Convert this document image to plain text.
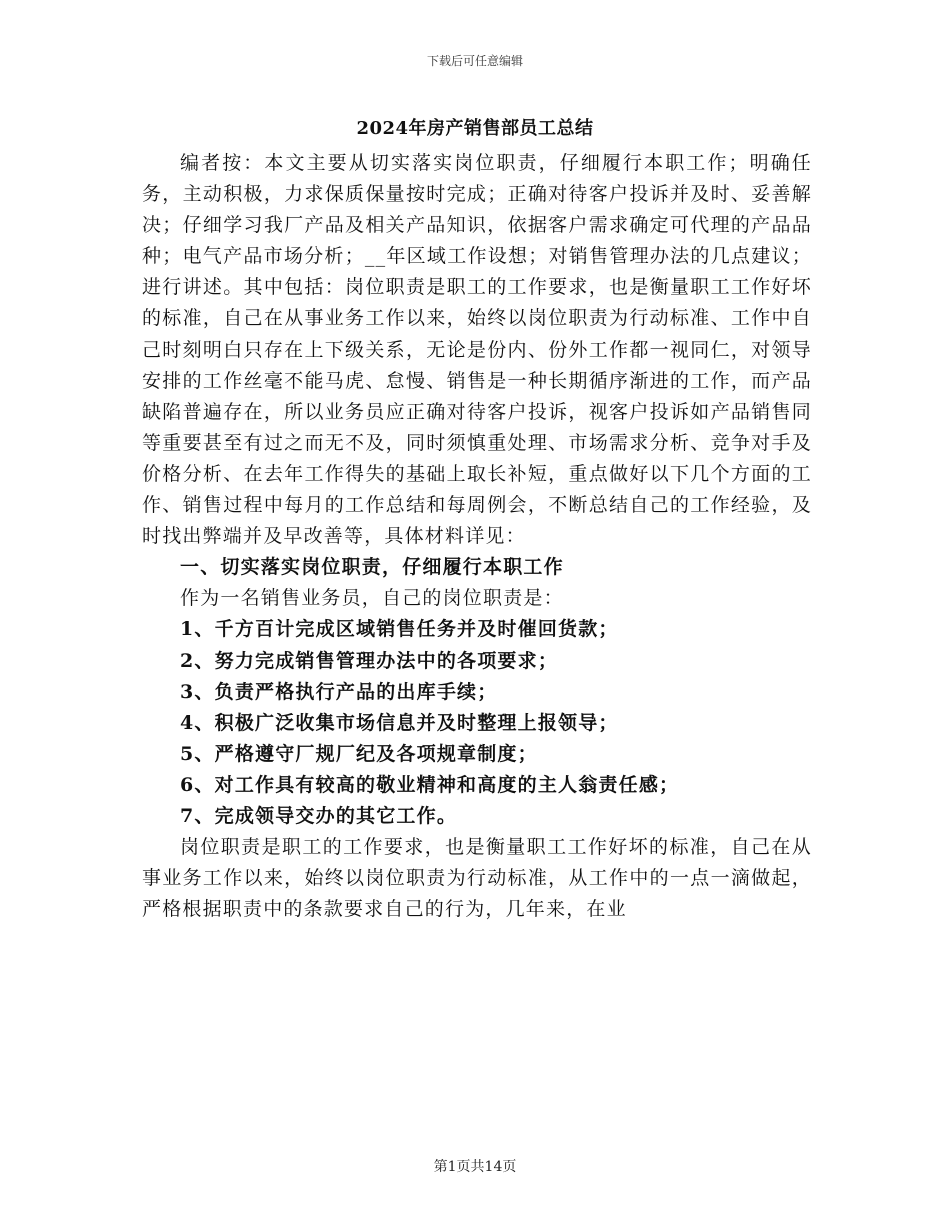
下载后可任意编辑
2024年房产销售部员工总结

编者按：本文主要从切实落实岗位职责，仔细履行本职工作；明确任务，主动积极，力求保质保量按时完成；正确对待客户投诉并及时、妥善解决；仔细学习我厂产品及相关产品知识，依据客户需求确定可代理的产品品种；电气产品市场分析；__年区域工作设想；对销售管理办法的几点建议；进行讲述。其中包括：岗位职责是职工的工作要求，也是衡量职工工作好坏的标准，自己在从事业务工作以来，始终以岗位职责为行动标准、工作中自己时刻明白只存在上下级关系，无论是份内、份外工作都一视同仁，对领导安排的工作丝毫不能马虎、怠慢、销售是一种长期循序渐进的工作，而产品缺陷普遍存在，所以业务员应正确对待客户投诉，视客户投诉如产品销售同等重要甚至有过之而无不及，同时须慎重处理、市场需求分析、竞争对手及价格分析、在去年工作得失的基础上取长补短，重点做好以下几个方面的工作、销售过程中每月的工作总结和每周例会，不断总结自己的工作经验，及时找出弊端并及早改善等，具体材料详见：

一、切实落实岗位职责，仔细履行本职工作

作为一名销售业务员，自己的岗位职责是：

1、千方百计完成区域销售任务并及时催回货款；

2、努力完成销售管理办法中的各项要求；

3、负责严格执行产品的出库手续；

4、积极广泛收集市场信息并及时整理上报领导；

5、严格遵守厂规厂纪及各项规章制度；

6、对工作具有较高的敬业精神和高度的主人翁责任感；

7、完成领导交办的其它工作。

岗位职责是职工的工作要求，也是衡量职工工作好坏的标准，自己在从事业务工作以来，始终以岗位职责为行动标准，从工作中的一点一滴做起，严格根据职责中的条款要求自己的行为，几年来，在业

第1页共14页
